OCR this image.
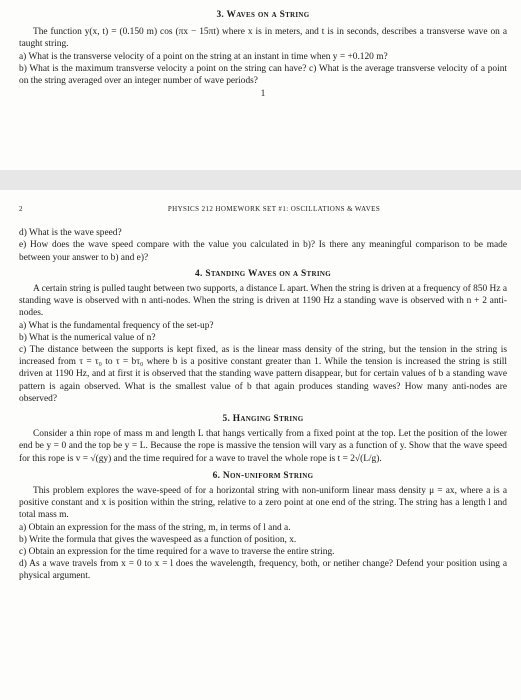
3. Waves on a String

The function y(x, t) = (0.150 m) cos (πx − 15πt) where x is in meters, and t is in seconds, describes a transverse wave on a taught string.

a) What is the transverse velocity of a point on the string at an instant in time when y = +0.120 m?

b) What is the maximum transverse velocity a point on the string can have? c) What is the average transverse velocity of a point on the string averaged over an integer number of wave periods?

1

2	PHYSICS 212 HOMEWORK SET #1: OSCILLATIONS & WAVES

d) What is the wave speed?

e) How does the wave speed compare with the value you calculated in b)? Is there any meaningful comparison to be made between your answer to b) and e)?

4. Standing Waves on a String

A certain string is pulled taught between two supports, a distance L apart. When the string is driven at a frequency of 850 Hz a standing wave is observed with n anti-nodes. When the string is driven at 1190 Hz a standing wave is observed with n + 2 anti-nodes.

a) What is the fundamental frequency of the set-up?

b) What is the numerical value of n?

c) The distance between the supports is kept fixed, as is the linear mass density of the string, but the tension in the string is increased from τ = τ₀ to τ = bτ₀ where b is a positive constant greater than 1. While the tension is increased the string is still driven at 1190 Hz, and at first it is observed that the standing wave pattern disappear, but for certain values of b a standing wave pattern is again observed. What is the smallest value of b that again produces standing waves? How many anti-nodes are observed?

5. Hanging String

Consider a thin rope of mass m and length L that hangs vertically from a fixed point at the top. Let the position of the lower end be y = 0 and the top be y = L. Because the rope is massive the tension will vary as a function of y. Show that the wave speed for this rope is v = √(gy) and the time required for a wave to travel the whole rope is t = 2√(L/g).

6. Non-uniform String

This problem explores the wave-speed of for a horizontal string with non-uniform linear mass density μ = ax, where a is a positive constant and x is position within the string, relative to a zero point at one end of the string. The string has a length l and total mass m.

a) Obtain an expression for the mass of the string, m, in terms of l and a.

b) Write the formula that gives the wavespeed as a function of position, x.

c) Obtain an expression for the time required for a wave to traverse the entire string.

d) As a wave travels from x = 0 to x = l does the wavelength, frequency, both, or netiher change? Defend your position using a physical argument.
